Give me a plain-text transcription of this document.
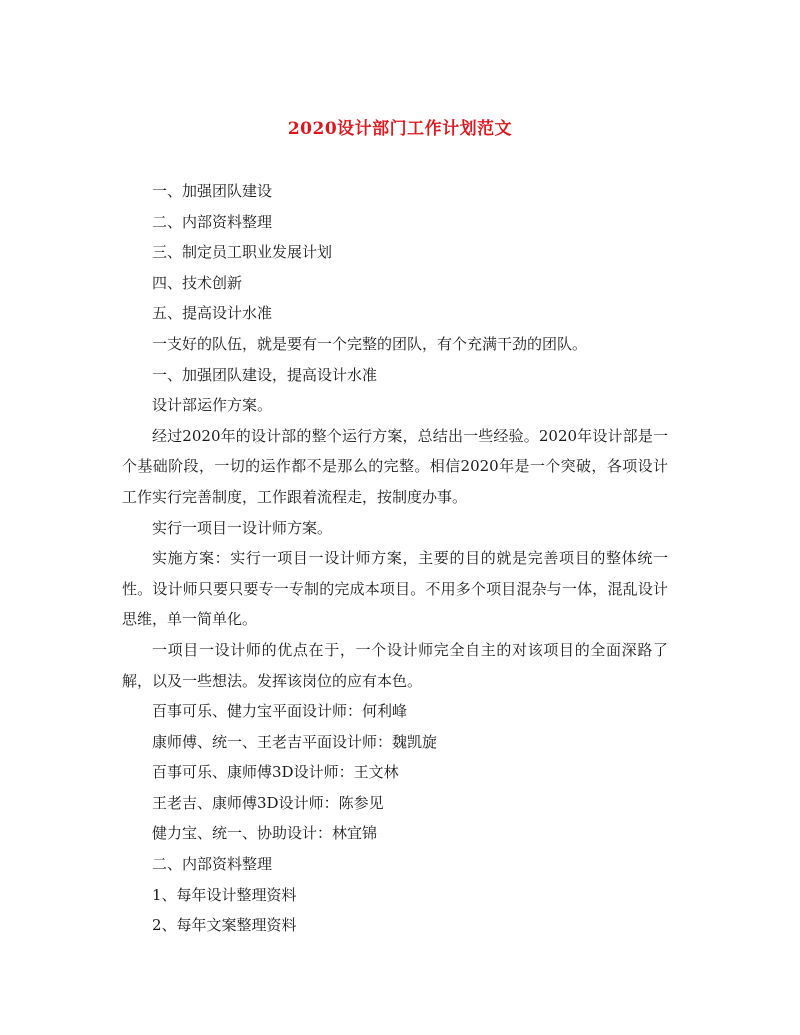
2020设计部门工作计划范文

一、加强团队建设

二、内部资料整理

三、制定员工职业发展计划

四、技术创新

五、提高设计水准

一支好的队伍，就是要有一个完整的团队，有个充满干劲的团队。

一、加强团队建设，提高设计水准

设计部运作方案。

经过2020年的设计部的整个运行方案，总结出一些经验。2020年设计部是一个基础阶段，一切的运作都不是那么的完整。相信2020年是一个突破，各项设计工作实行完善制度，工作跟着流程走，按制度办事。

实行一项目一设计师方案。

实施方案：实行一项目一设计师方案，主要的目的就是完善项目的整体统一性。设计师只要只要专一专制的完成本项目。不用多个项目混杂与一体，混乱设计思维，单一简单化。

一项目一设计师的优点在于，一个设计师完全自主的对该项目的全面深路了解，以及一些想法。发挥该岗位的应有本色。

百事可乐、健力宝平面设计师：何利峰

康师傅、统一、王老吉平面设计师：魏凯旋

百事可乐、康师傅3D设计师：王文林

王老吉、康师傅3D设计师：陈参见

健力宝、统一、协助设计：林宜锦

二、内部资料整理

1、每年设计整理资料

2、每年文案整理资料
